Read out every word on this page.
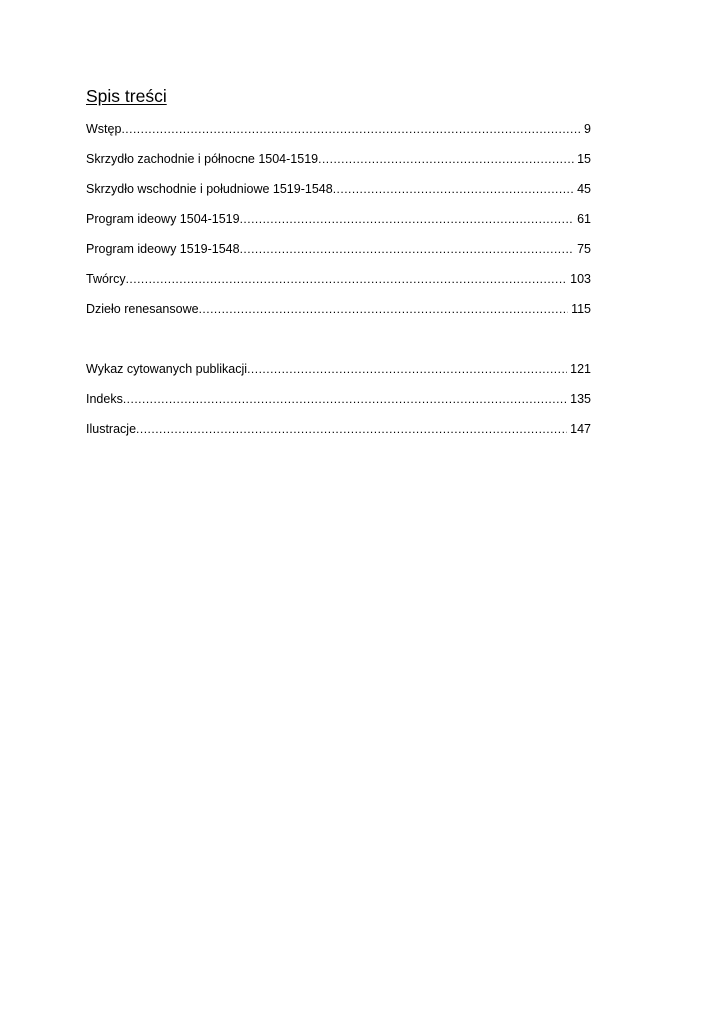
Spis treści
Wstęp .....	9
Skrzydło zachodnie i północne 1504-1519 .....	15
Skrzydło wschodnie i południowe 1519-1548 .....	45
Program ideowy 1504-1519 .....	61
Program ideowy 1519-1548 .....	75
Twórcy .....	103
Dzieło renesansowe .....	115
Wykaz cytowanych publikacji .....	121
Indeks .....	135
Ilustracje .....	147
